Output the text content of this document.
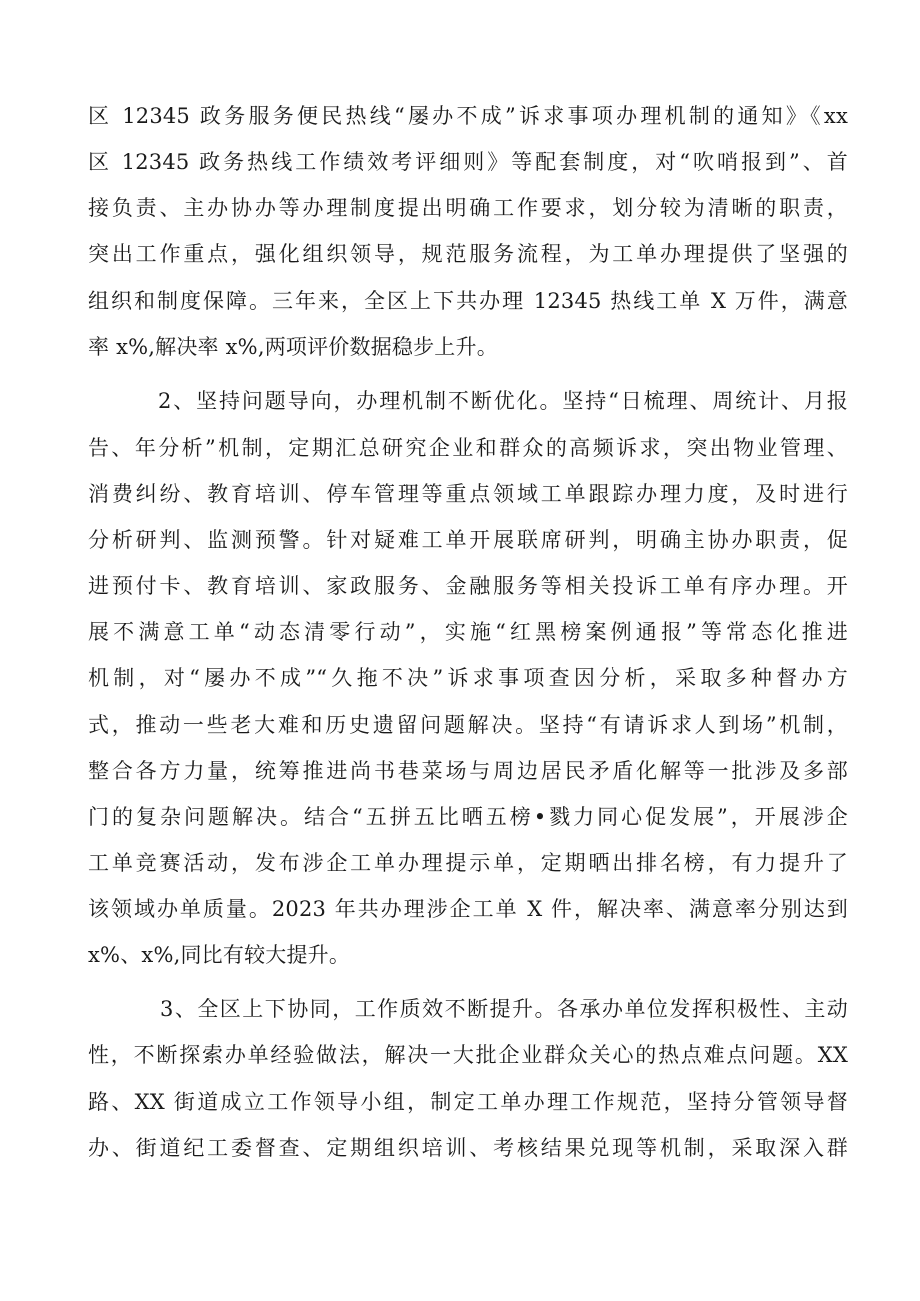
区 12345 政务服务便民热线“屡办不成”诉求事项办理机制的通知》《xx
区 12345 政务热线工作绩效考评细则》等配套制度，对“吹哨报到”、首
接负责、主办协办等办理制度提出明确工作要求，划分较为清晰的职责，
突出工作重点，强化组织领导，规范服务流程，为工单办理提供了坚强的
组织和制度保障。三年来，全区上下共办理 12345 热线工单 X 万件，满意
率 x%,解决率 x%,两项评价数据稳步上升。
2、坚持问题导向，办理机制不断优化。坚持“日梳理、周统计、月报
告、年分析”机制，定期汇总研究企业和群众的高频诉求，突出物业管理、
消费纠纷、教育培训、停车管理等重点领域工单跟踪办理力度，及时进行
分析研判、监测预警。针对疑难工单开展联席研判，明确主协办职责，促
进预付卡、教育培训、家政服务、金融服务等相关投诉工单有序办理。开
展不满意工单“动态清零行动”，实施“红黑榜案例通报”等常态化推进
机制，对“屡办不成”“久拖不决”诉求事项查因分析，采取多种督办方
式，推动一些老大难和历史遗留问题解决。坚持“有请诉求人到场”机制，
整合各方力量，统筹推进尚书巷菜场与周边居民矛盾化解等一批涉及多部
门的复杂问题解决。结合“五拼五比晒五榜•戮力同心促发展”，开展涉企
工单竞赛活动，发布涉企工单办理提示单，定期晒出排名榜，有力提升了
该领域办单质量。2023 年共办理涉企工单 X 件，解决率、满意率分别达到
x%、x%,同比有较大提升。
3、全区上下协同，工作质效不断提升。各承办单位发挥积极性、主动
性，不断探索办单经验做法，解决一大批企业群众关心的热点难点问题。XX
路、XX 街道成立工作领导小组，制定工单办理工作规范，坚持分管领导督
办、街道纪工委督查、定期组织培训、考核结果兑现等机制，采取深入群
